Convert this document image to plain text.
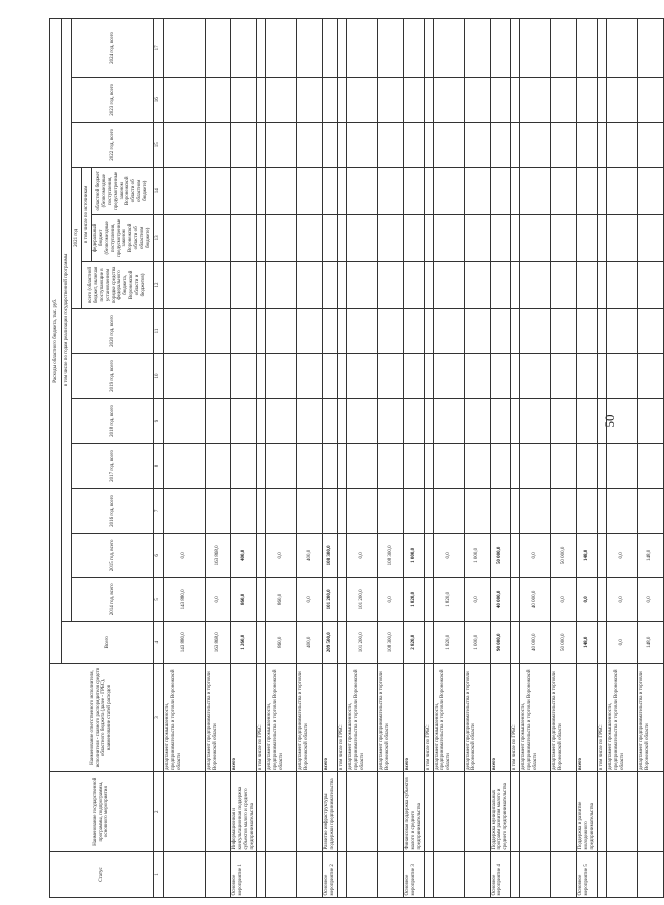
50
Статус	Наименование государственной программы, подпрограммы, основного мероприятия	Наименование ответственного исполнителя, исполнителя - главного распорядителя средств областного бюджета (далее - ГРБС), наименование статей расходов	Расходы областного бюджета, тыс. руб.													
			Всего	в том числе по годам реализации государственной программы												
				2014 год, всего	2015 год, всего	2016 год, всего	2017 год, всего	2018 год, всего	2019 год, всего	2020 год, всего	2021 год			2022 год, всего	2023 год, всего	2024 год, всего
											всего (областной бюджет, включая поступающие в установленном порядке средства федерального бюджета, Воронежской области и бюджетов)	в том числе по источникам				
												федеральный бюджет (безвозмездные поступления, предусмотренные законом Воронежской области об областном бюджете)	областной бюджет (безвозмездные поступления, предусмотренные законом Воронежской области об областном бюджете)			
1	2	3	4	5	6	7	8	9	10	11	12	13	14	15	16	17
		департамент промышленности, предпринимательства и торговли Воронежской области	143 880,0	143 880,0	0,0											
		департамент предпринимательства и торговли Воронежской области	163 868,0	0,0	163 868,0											
Основное мероприятие 1	Информационная и консультационная поддержка субъектов малого и среднего предпринимательства	всего	1 260,0	860,0	400,0											
		в том числе по ГРБС:														
		департамент промышленности, предпринимательства и торговли Воронежской области	860,0	860,0	0,0											
		департамент предпринимательства и торговли Воронежской области	400,0	0,0	400,0											
Основное мероприятие 2	Развитие инфраструктуры поддержки предпринимательства	всего	209 500,0	101 200,0	108 300,0											
		в том числе по ГРБС:														
		департамент промышленности, предпринимательства и торговли Воронежской области	101 200,0	101 200,0	0,0											
		департамент предпринимательства и торговли Воронежской области	108 300,0	0,0	108 300,0											
Основное мероприятие 3	Финансовая поддержка субъектов малого и среднего предпринимательства	всего	2 820,0	1 820,0	1 000,0											
		в том числе по ГРБС:														
		департамент промышленности, предпринимательства и торговли Воронежской области	1 820,0	1 820,0	0,0											
		департамент предпринимательства и торговли Воронежской области	1 000,0	0,0	1 000,0											
Основное мероприятие 4	Поддержка муниципальных программ развития малого и среднего предпринимательства	всего	90 000,0	40 000,0	50 000,0											
		в том числе по ГРБС:														
		департамент промышленности, предпринимательства и торговли Воронежской области	40 000,0	40 000,0	0,0											
		департамент предпринимательства и торговли Воронежской области	50 000,0	0,0	50 000,0											
Основное мероприятие 5	Поддержка и развитие молодежного предпринимательства	всего	148,0	0,0	148,0											
		в том числе по ГРБС:														
		департамент промышленности, предпринимательства и торговли Воронежской области	0,0	0,0	0,0											
		департамент предпринимательства и торговли Воронежской области	148,0	0,0	148,0											
